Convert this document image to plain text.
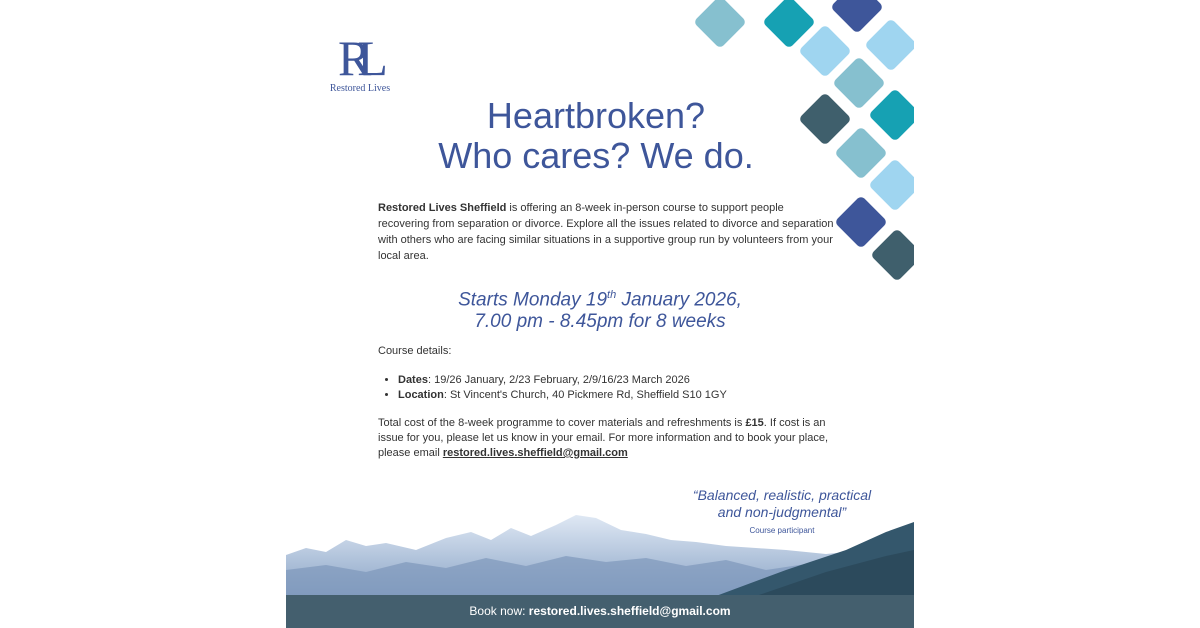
RL
Restored Lives
Heartbroken?
Who cares? We do.
Restored Lives Sheffield is offering an 8-week in-person course to support people recovering from separation or divorce. Explore all the issues related to divorce and separation with others who are facing similar situations in a supportive group run by volunteers from your local area.
Starts Monday 19th January 2026,
7.00 pm - 8.45pm for 8 weeks
Course details:
• Dates: 19/26 January, 2/23 February, 2/9/16/23 March 2026
• Location: St Vincent's Church, 40 Pickmere Rd, Sheffield S10 1GY
Total cost of the 8-week programme to cover materials and refreshments is £15. If cost is an issue for you, please let us know in your email. For more information and to book your place, please email restored.lives.sheffield@gmail.com
“Balanced, realistic, practical
and non-judgmental”
Course participant
Book now: restored.lives.sheffield@gmail.com
